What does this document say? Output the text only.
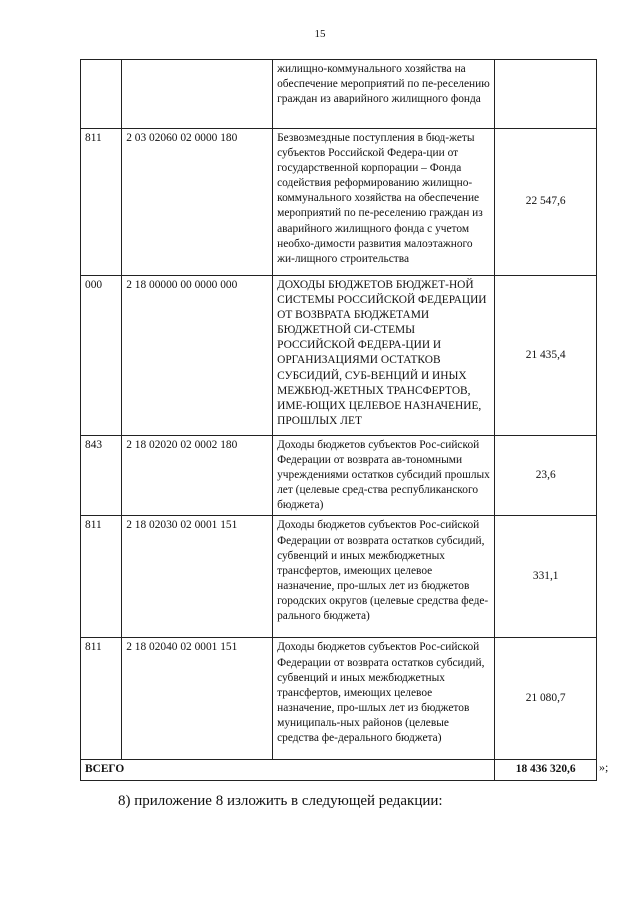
15
		жилищно-коммунального хозяйства на обеспечение мероприятий по пе-реселению граждан из аварийного жилищного фонда	
811	2 03 02060 02 0000 180	Безвозмездные поступления в бюд-жеты субъектов Российской Федера-ции от государственной корпорации – Фонда содействия реформированию жилищно-коммунального хозяйства на обеспечение мероприятий по пе-реселению граждан из аварийного жилищного фонда с учетом необхо-димости развития малоэтажного жи-лищного строительства	22 547,6
000	2 18 00000 00 0000 000	ДОХОДЫ БЮДЖЕТОВ БЮДЖЕТ-НОЙ СИСТЕМЫ РОССИЙСКОЙ ФЕДЕРАЦИИ ОТ ВОЗВРАТА БЮДЖЕТАМИ БЮДЖЕТНОЙ СИ-СТЕМЫ РОССИЙСКОЙ ФЕДЕРА-ЦИИ И ОРГАНИЗАЦИЯМИ ОСТАТКОВ СУБСИДИЙ, СУБ-ВЕНЦИЙ И ИНЫХ МЕЖБЮД-ЖЕТНЫХ ТРАНСФЕРТОВ, ИМЕ-ЮЩИХ ЦЕЛЕВОЕ НАЗНАЧЕНИЕ, ПРОШЛЫХ ЛЕТ	21 435,4
843	2 18 02020 02 0002 180	Доходы бюджетов субъектов Рос-сийской Федерации от возврата ав-тономными учреждениями остатков субсидий прошлых лет (целевые сред-ства республиканского бюджета)	23,6
811	2 18 02030 02 0001 151	Доходы бюджетов субъектов Рос-сийской Федерации от возврата остатков субсидий, субвенций и иных межбюджетных трансфертов, имеющих целевое назначение, про-шлых лет из бюджетов городских округов (целевые средства феде-рального бюджета)	331,1
811	2 18 02040 02 0001 151	Доходы бюджетов субъектов Рос-сийской Федерации от возврата остатков субсидий, субвенций и иных межбюджетных трансфертов, имеющих целевое назначение, про-шлых лет из бюджетов муниципаль-ных районов (целевые средства фе-дерального бюджета)	21 080,7
ВСЕГО			18 436 320,6 »;
8) приложение 8 изложить в следующей редакции:
